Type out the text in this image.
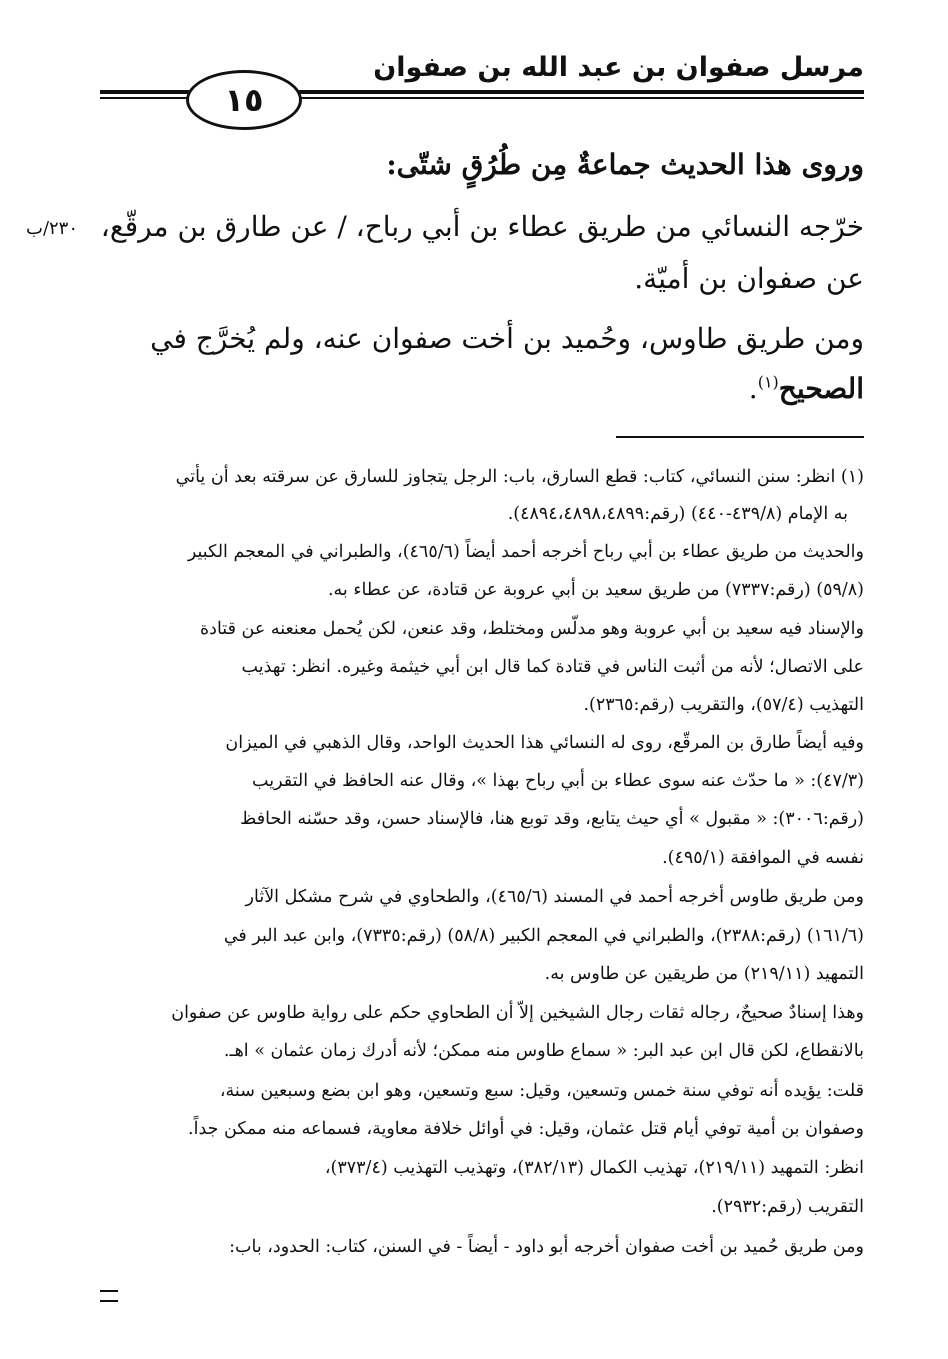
مرسل صفوان بن عبد الله بن صفوان
١٥
٢٣٠/ب
وروى هذا الحديث جماعةٌ مِن طُرُقٍ شتّى:
خرّجه النسائي من طريق عطاء بن أبي رباح، / عن طارق بن مرقّع،
عن صفوان بن أميّة.
ومن طريق طاوس، وحُميد بن أخت صفوان عنه، ولم يُخرَّج في
الصحيح$^{(١)}$.
(١) انظر: سنن النسائي، كتاب: قطع السارق، باب: الرجل يتجاوز للسارق عن سرقته بعد أن يأتي
به الإمام (٤٣٩/٨-٤٤٠) (رقم:٤٨٩٤،٤٨٩٨،٤٨٩٩).
والحديث من طريق عطاء بن أبي رباح أخرجه أحمد أيضاً (٤٦٥/٦)، والطبراني في المعجم الكبير
(٥٩/٨) (رقم:٧٣٣٧) من طريق سعيد بن أبي عروبة عن قتادة، عن عطاء به.
والإسناد فيه سعيد بن أبي عروبة وهو مدلّس ومختلط، وقد عنعن، لكن يُحمل معنعنه عن قتادة
على الاتصال؛ لأنه من أثبت الناس في قتادة كما قال ابن أبي خيثمة وغيره. انظر: تهذيب
التهذيب (٥٧/٤)، والتقريب (رقم:٢٣٦٥).
وفيه أيضاً طارق بن المرقّع، روى له النسائي هذا الحديث الواحد، وقال الذهبي في الميزان
(٤٧/٣): « ما حدّث عنه سوى عطاء بن أبي رباح بهذا »، وقال عنه الحافظ في التقريب
(رقم:٣٠٠٦): « مقبول » أي حيث يتابع، وقد توبع هنا، فالإسناد حسن، وقد حسّنه الحافظ
نفسه في الموافقة (٤٩٥/١).
ومن طريق طاوس أخرجه أحمد في المسند (٤٦٥/٦)، والطحاوي في شرح مشكل الآثار
(١٦١/٦) (رقم:٢٣٨٨)، والطبراني في المعجم الكبير (٥٨/٨) (رقم:٧٣٣٥)، وابن عبد البر في
التمهيد (٢١٩/١١) من طريقين عن طاوس به.
وهذا إسنادٌ صحيحٌ، رجاله ثقات رجال الشيخين إلاّ أن الطحاوي حكم على رواية طاوس عن صفوان
بالانقطاع، لكن قال ابن عبد البر: « سماع طاوس منه ممكن؛ لأنه أدرك زمان عثمان » اهـ.
قلت: يؤيده أنه توفي سنة خمس وتسعين، وقيل: سبع وتسعين، وهو ابن بضع وسبعين سنة،
وصفوان بن أمية توفي أيام قتل عثمان، وقيل: في أوائل خلافة معاوية، فسماعه منه ممكن جداً.
انظر: التمهيد (٢١٩/١١)، تهذيب الكمال (٣٨٢/١٣)، وتهذيب التهذيب (٣٧٣/٤)،
التقريب (رقم:٢٩٣٢).
ومن طريق حُميد بن أخت صفوان أخرجه أبو داود - أيضاً - في السنن، كتاب: الحدود، باب:
